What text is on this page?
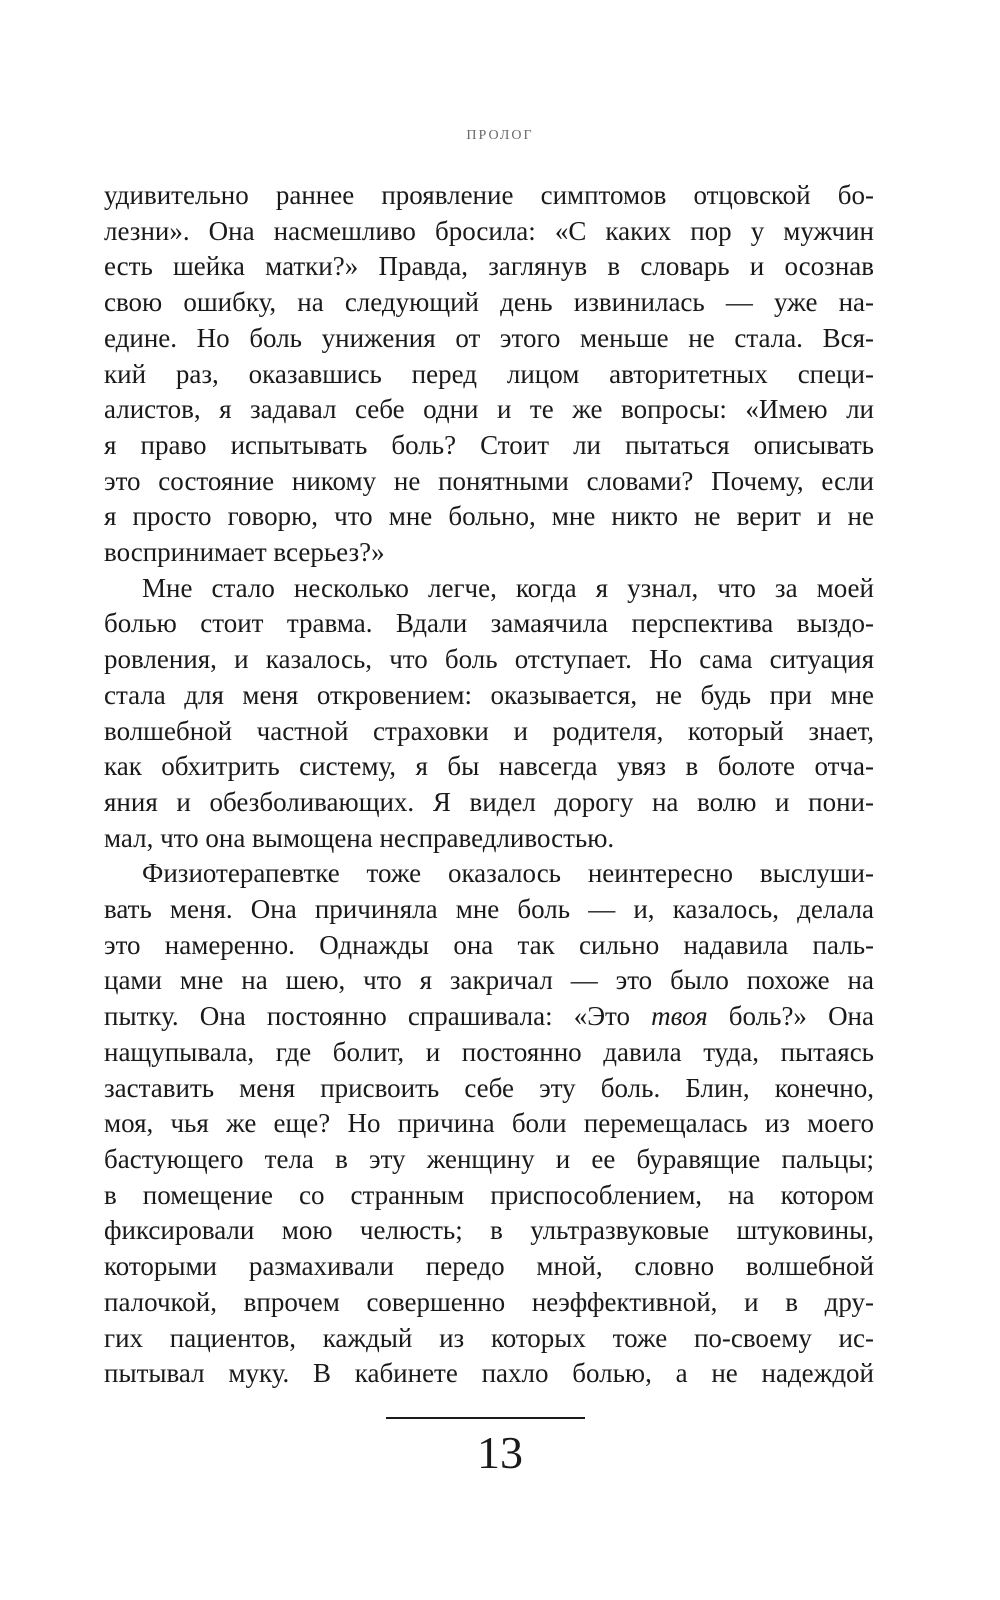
ПРОЛОГ
удивительно раннее проявление симптомов отцовской бо-
лезни». Она насмешливо бросила: «С каких пор у мужчин
есть шейка матки?» Правда, заглянув в словарь и осознав
свою ошибку, на следующий день извинилась — уже на-
едине. Но боль унижения от этого меньше не стала. Вся-
кий раз, оказавшись перед лицом авторитетных специ-
алистов, я задавал себе одни и те же вопросы: «Имею ли
я право испытывать боль? Стоит ли пытаться описывать
это состояние никому не понятными словами? Почему, если
я просто говорю, что мне больно, мне никто не верит и не
воспринимает всерьез?»
Мне стало несколько легче, когда я узнал, что за моей
болью стоит травма. Вдали замаячила перспектива выздо-
ровления, и казалось, что боль отступает. Но сама ситуация
стала для меня откровением: оказывается, не будь при мне
волшебной частной страховки и родителя, который знает,
как обхитрить систему, я бы навсегда увяз в болоте отча-
яния и обезболивающих. Я видел дорогу на волю и пони-
мал, что она вымощена несправедливостью.
Физиотерапевтке тоже оказалось неинтересно выслуши-
вать меня. Она причиняла мне боль — и, казалось, делала
это намеренно. Однажды она так сильно надавила паль-
цами мне на шею, что я закричал — это было похоже на
пытку. Она постоянно спрашивала: «Это твоя боль?» Она
нащупывала, где болит, и постоянно давила туда, пытаясь
заставить меня присвоить себе эту боль. Блин, конечно,
моя, чья же еще? Но причина боли перемещалась из моего
бастующего тела в эту женщину и ее буравящие пальцы;
в помещение со странным приспособлением, на котором
фиксировали мою челюсть; в ультразвуковые штуковины,
которыми размахивали передо мной, словно волшебной
палочкой, впрочем совершенно неэффективной, и в дру-
гих пациентов, каждый из которых тоже по-своему ис-
пытывал муку. В кабинете пахло болью, а не надеждой
13
